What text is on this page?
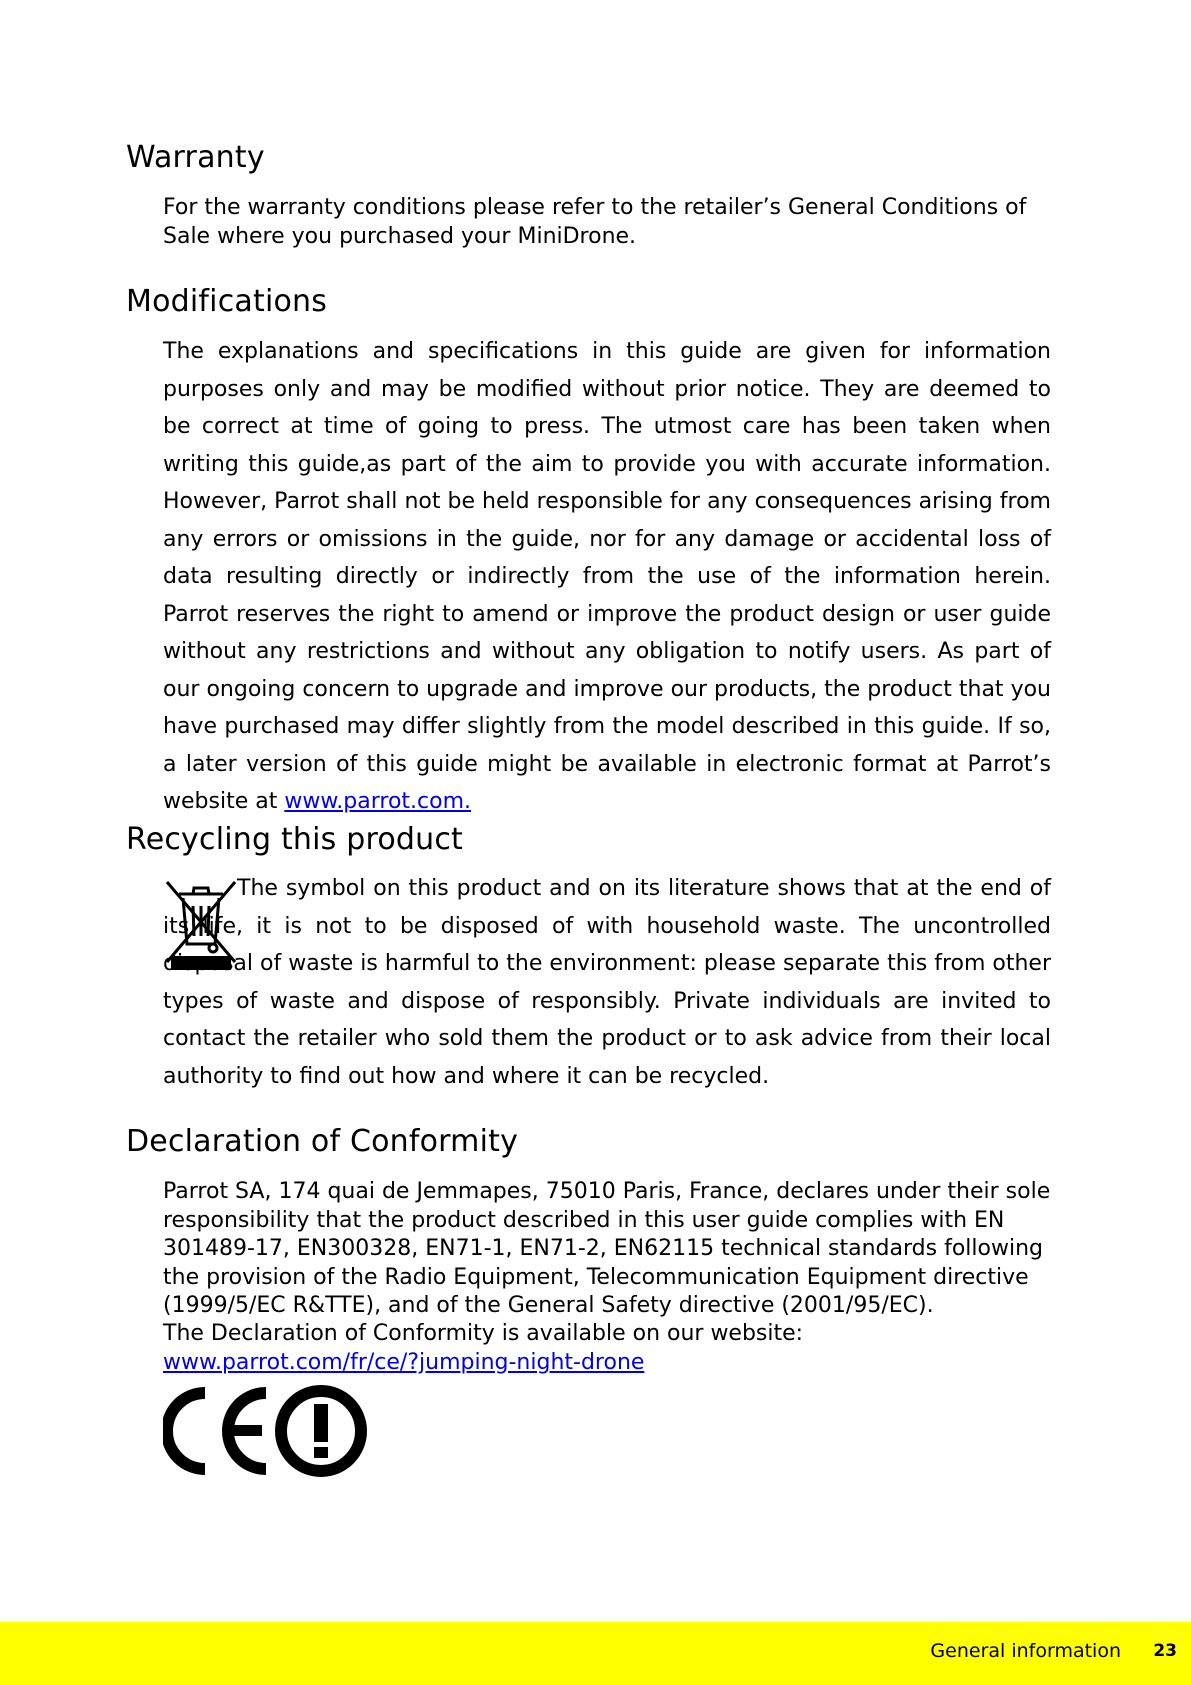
Warranty

For the warranty conditions please refer to the retailer’s General Conditions of Sale where you purchased your MiniDrone.

Modifications

The explanations and specifications in this guide are given for information purposes only and may be modified without prior notice. They are deemed to be correct at time of going to press. The utmost care has been taken when writing this guide,as part of the aim to provide you with accurate information. However, Parrot shall not be held responsible for any consequences arising from any errors or omissions in the guide, nor for any damage or accidental loss of data resulting directly or indirectly from the use of the information herein. Parrot reserves the right to amend or improve the product design or user guide without any restrictions and without any obligation to notify users. As part of our ongoing concern to upgrade and improve our products, the product that you have purchased may differ slightly from the model described in this guide. If so, a later version of this guide might be available in electronic format at Parrot’s website at www.parrot.com.

Recycling this product

The symbol on this product and on its literature shows that at the end of its life, it is not to be disposed of with household waste. The uncontrolled disposal of waste is harmful to the environment: please separate this from other types of waste and dispose of responsibly. Private individuals are invited to contact the retailer who sold them the product or to ask advice from their local authority to find out how and where it can be recycled.

Declaration of Conformity

Parrot SA, 174 quai de Jemmapes, 75010 Paris, France, declares under their sole responsibility that the product described in this user guide complies with EN 301489-17, EN300328, EN71-1, EN71-2, EN62115 technical standards following the provision of the Radio Equipment, Telecommunication Equipment directive (1999/5/EC R&TTE), and of the General Safety directive (2001/95/EC).

The Declaration of Conformity is available on our website:

www.parrot.com/fr/ce/?jumping-night-drone

General information 23
